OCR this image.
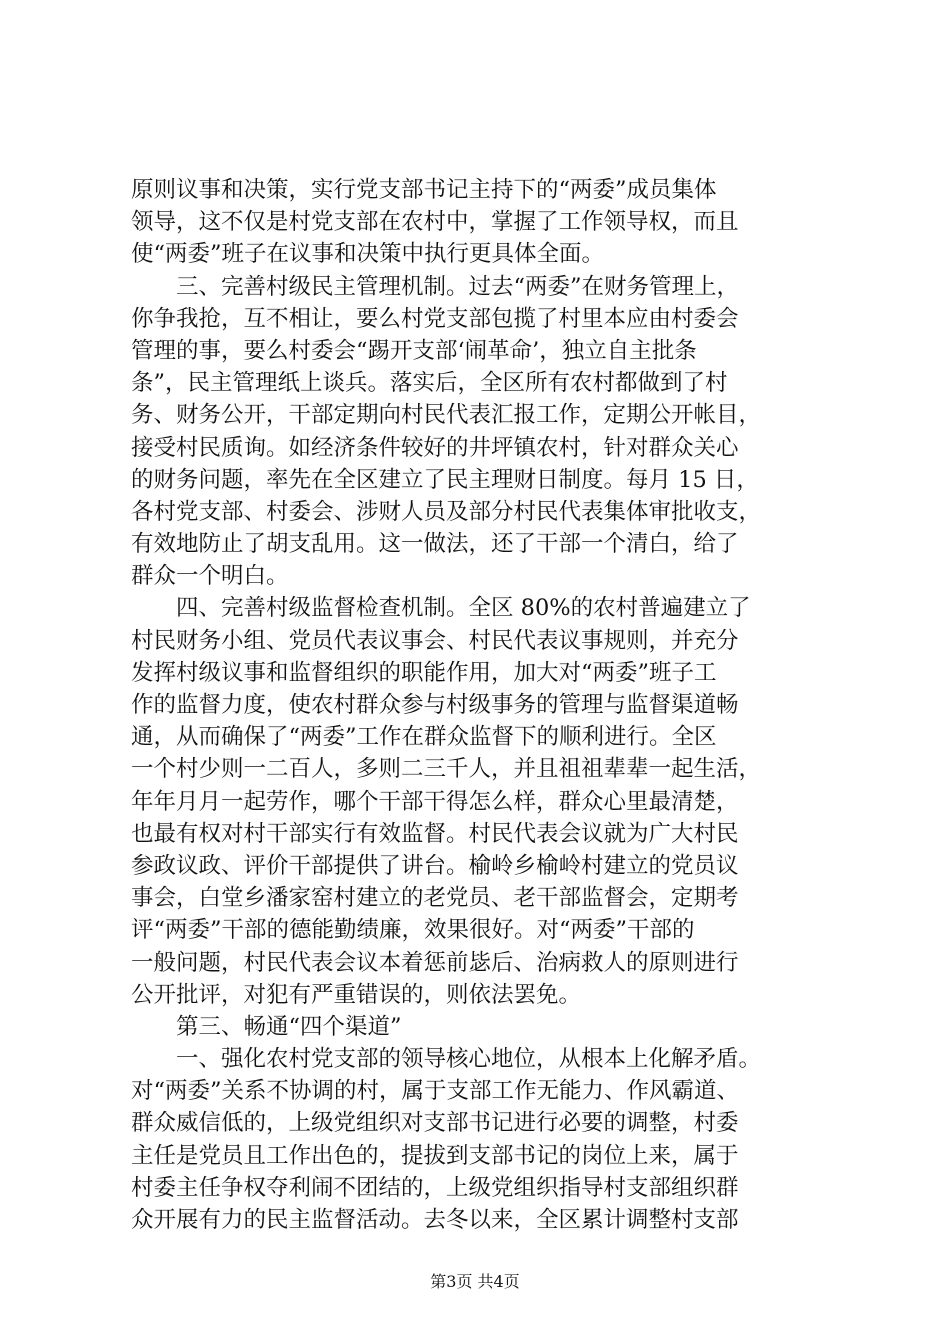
原则议事和决策，实行党支部书记主持下的“两委”成员集体
领导，这不仅是村党支部在农村中，掌握了工作领导权，而且
使“两委”班子在议事和决策中执行更具体全面。
　　三、完善村级民主管理机制。过去“两委”在财务管理上，
你争我抢，互不相让，要么村党支部包揽了村里本应由村委会
管理的事，要么村委会“踢开支部‘闹革命’，独立自主批条
条”，民主管理纸上谈兵。落实后，全区所有农村都做到了村
务、财务公开，干部定期向村民代表汇报工作，定期公开帐目，
接受村民质询。如经济条件较好的井坪镇农村，针对群众关心
的财务问题，率先在全区建立了民主理财日制度。每月 15 日，
各村党支部、村委会、涉财人员及部分村民代表集体审批收支，
有效地防止了胡支乱用。这一做法，还了干部一个清白，给了
群众一个明白。
　　四、完善村级监督检查机制。全区 80%的农村普遍建立了
村民财务小组、党员代表议事会、村民代表议事规则，并充分
发挥村级议事和监督组织的职能作用，加大对“两委”班子工
作的监督力度，使农村群众参与村级事务的管理与监督渠道畅
通，从而确保了“两委”工作在群众监督下的顺利进行。全区
一个村少则一二百人，多则二三千人，并且祖祖辈辈一起生活，
年年月月一起劳作，哪个干部干得怎么样，群众心里最清楚，
也最有权对村干部实行有效监督。村民代表会议就为广大村民
参政议政、评价干部提供了讲台。榆岭乡榆岭村建立的党员议
事会，白堂乡潘家窑村建立的老党员、老干部监督会，定期考
评“两委”干部的德能勤绩廉，效果很好。对“两委”干部的
一般问题，村民代表会议本着惩前毖后、治病救人的原则进行
公开批评，对犯有严重错误的，则依法罢免。
　　第三、畅通“四个渠道”
　　一、强化农村党支部的领导核心地位，从根本上化解矛盾。
对“两委”关系不协调的村，属于支部工作无能力、作风霸道、
群众威信低的，上级党组织对支部书记进行必要的调整，村委
主任是党员且工作出色的，提拔到支部书记的岗位上来，属于
村委主任争权夺利闹不团结的，上级党组织指导村支部组织群
众开展有力的民主监督活动。去冬以来，全区累计调整村支部
第3页 共4页
